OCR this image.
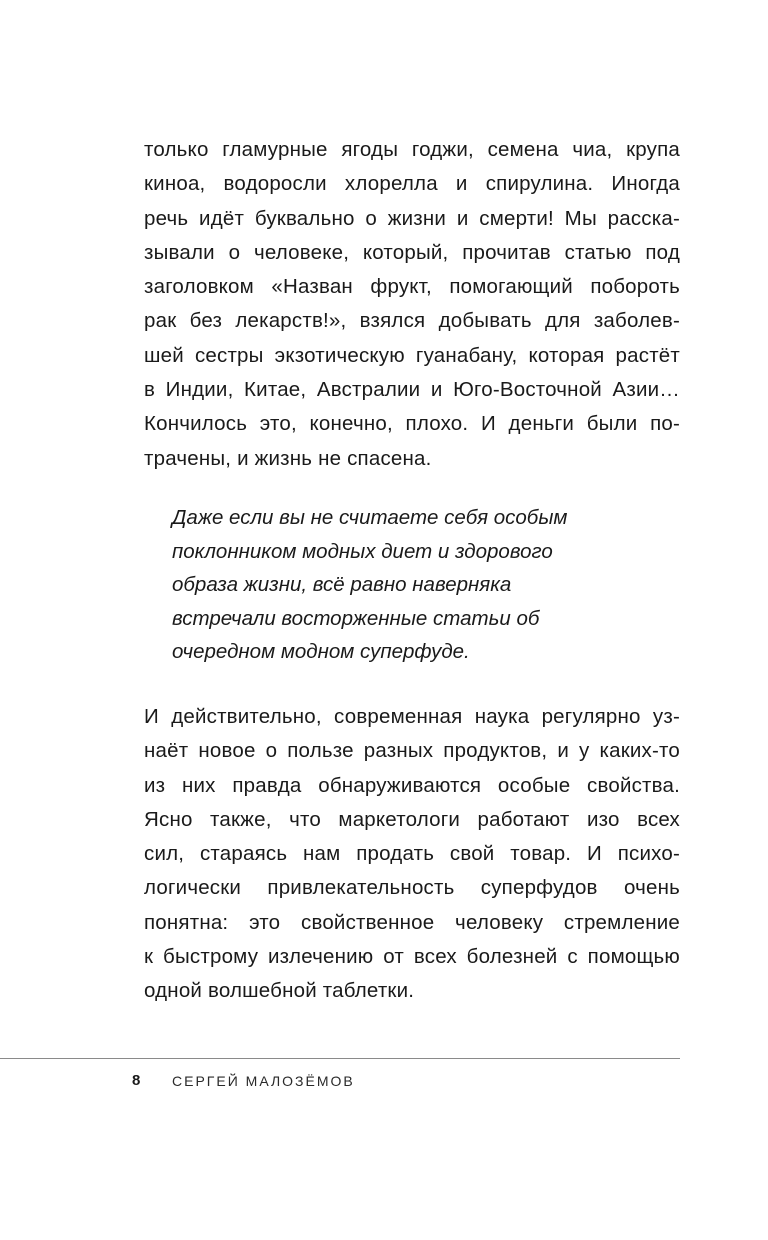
только гламурные ягоды годжи, семена чиа, крупа
киноа, водоросли хлорелла и спирулина. Иногда
речь идёт буквально о жизни и смерти! Мы расска-
зывали о человеке, который, прочитав статью под
заголовком «Назван фрукт, помогающий побороть
рак без лекарств!», взялся добывать для заболев-
шей сестры экзотическую гуанабану, которая растёт
в Индии, Китае, Австралии и Юго-Восточной Азии…
Кончилось это, конечно, плохо. И деньги были по-
трачены, и жизнь не спасена.
Даже если вы не считаете себя особым
поклонником модных диет и здорового
образа жизни, всё равно наверняка
встречали восторженные статьи об
очередном модном суперфуде.
И действительно, современная наука регулярно уз-
наёт новое о пользе разных продуктов, и у каких-то
из них правда обнаруживаются особые свойства.
Ясно также, что маркетологи работают изо всех
сил, стараясь нам продать свой товар. И психо-
логически привлекательность суперфудов очень
понятна: это свойственное человеку стремление
к быстрому излечению от всех болезней с помощью
одной волшебной таблетки.
8 СЕРГЕЙ МАЛОЗЁМОВ
